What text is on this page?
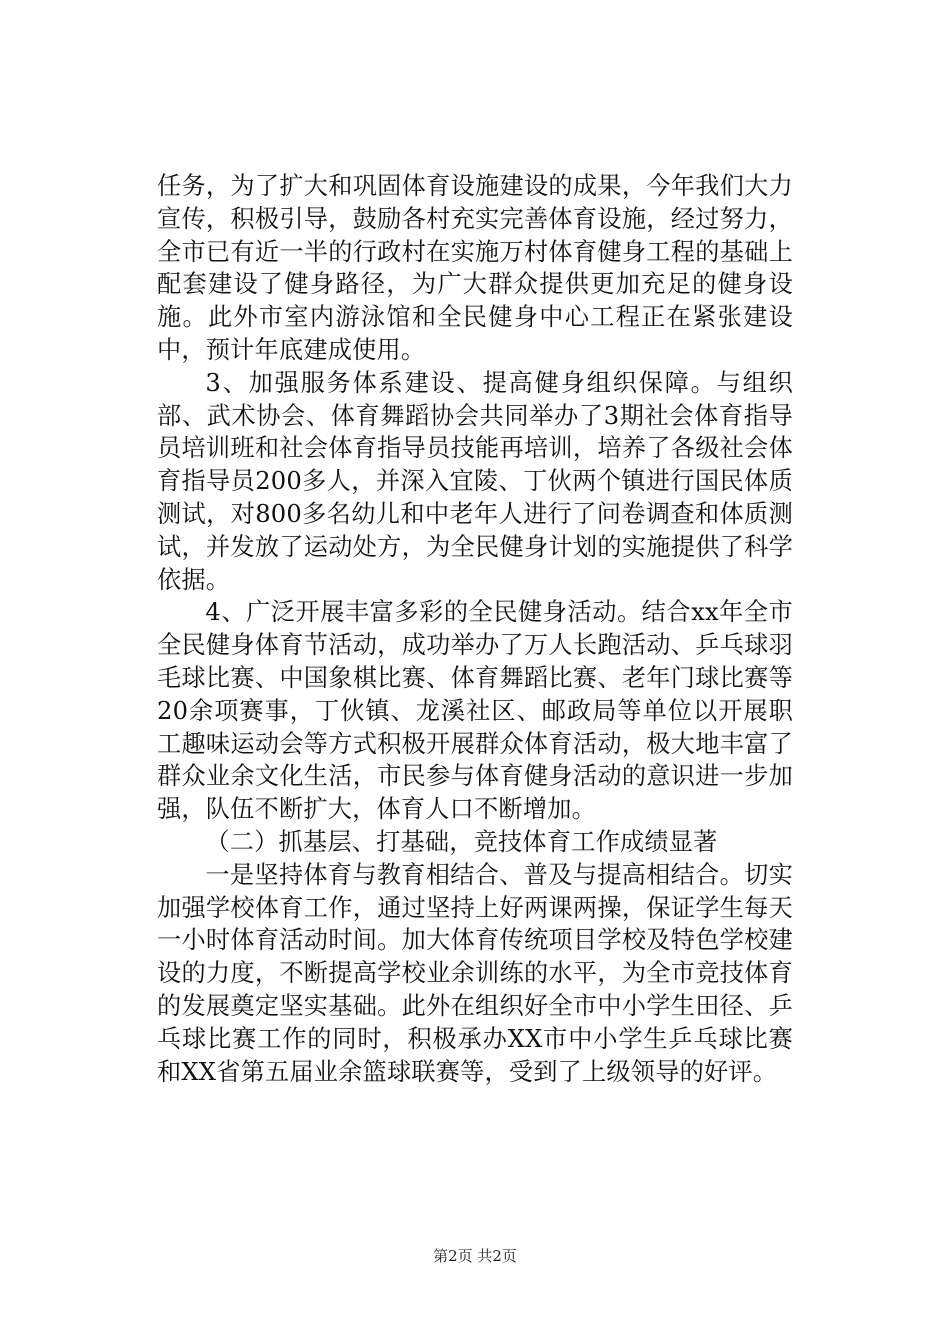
任务，为了扩大和巩固体育设施建设的成果，今年我们大力宣传，积极引导，鼓励各村充实完善体育设施，经过努力，全市已有近一半的行政村在实施万村体育健身工程的基础上配套建设了健身路径，为广大群众提供更加充足的健身设施。此外市室内游泳馆和全民健身中心工程正在紧张建设中，预计年底建成使用。

3、加强服务体系建设、提高健身组织保障。与组织部、武术协会、体育舞蹈协会共同举办了3期社会体育指导员培训班和社会体育指导员技能再培训，培养了各级社会体育指导员200多人，并深入宜陵、丁伙两个镇进行国民体质测试，对800多名幼儿和中老年人进行了问卷调查和体质测试，并发放了运动处方，为全民健身计划的实施提供了科学依据。

4、广泛开展丰富多彩的全民健身活动。结合xx年全市全民健身体育节活动，成功举办了万人长跑活动、乒乓球羽毛球比赛、中国象棋比赛、体育舞蹈比赛、老年门球比赛等20余项赛事，丁伙镇、龙溪社区、邮政局等单位以开展职工趣味运动会等方式积极开展群众体育活动，极大地丰富了群众业余文化生活，市民参与体育健身活动的意识进一步加强，队伍不断扩大，体育人口不断增加。

（二）抓基层、打基础，竞技体育工作成绩显著

一是坚持体育与教育相结合、普及与提高相结合。切实加强学校体育工作，通过坚持上好两课两操，保证学生每天一小时体育活动时间。加大体育传统项目学校及特色学校建设的力度，不断提高学校业余训练的水平，为全市竞技体育的发展奠定坚实基础。此外在组织好全市中小学生田径、乒乓球比赛工作的同时，积极承办XX市中小学生乒乓球比赛和XX省第五届业余篮球联赛等，受到了上级领导的好评。

第2页 共2页
